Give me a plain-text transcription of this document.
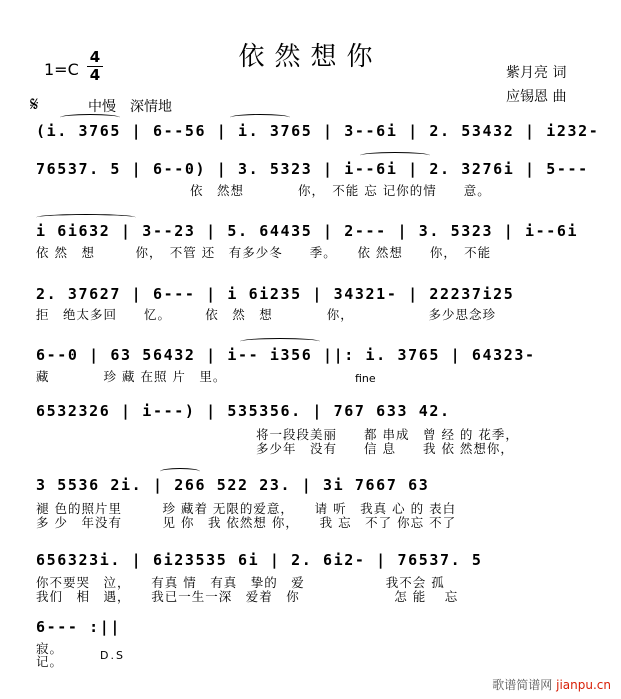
依然想你
1=C
4
4	紫月亮 词
应锡恩 曲
𝄋	中慢　深情地
(i. 3765 | 6--56 | i. 3765 | 3--6i | 2. 53432 | i232-
76537. 5 | 6--0) | 3. 5323 | i--6i | 2. 3276i | 5---
依　然想　　　　你，　不能 忘 记你的情　　意。
i 6i632 | 3--23 | 5. 64435 | 2--- | 3. 5323 | i--6i
依 然　想　　　你，　不管 还　有多少冬　　季。　　依 然想　　你，　不能
2. 37627 | 6--- | i 6i235 | 34321- | 22237i25
拒　绝太多回　　忆。　　　依　然　想　　　　你，　　　　　　多少思念珍
6--0 | 63 56432 | i-- i356 ||: i. 3765 | 64323-
藏　　　　珍 藏 在照 片　里。	fine
6532326 | i---) | 535356. | 767 633 42.
将一段段美丽　　都 串成　曾 经 的 花季，
多少年　没有　　信 息　　我 依 然想你，
3 5536 2i. | 266 522 23. | 3i 7667 63
褪 色的照片里　　　珍 藏着 无限的爱意，　　请 听　我真 心 的 表白
多 少　年没有　　　见 你　我 依然想 你，　　我 忘　不了 你忘 不了
656323i. | 6i23535 6i | 2. 6i2- | 76537. 5
你不要哭　泣，　　有真 情　有真　挚的　爱　　　　　　我不会 孤
我们　相　遇，　　我已一生一深　爱着　你　　　　　　　怎 能　 忘
6--- :||
寂。
记。	D.S
歌谱简谱网 jianpu.cn
